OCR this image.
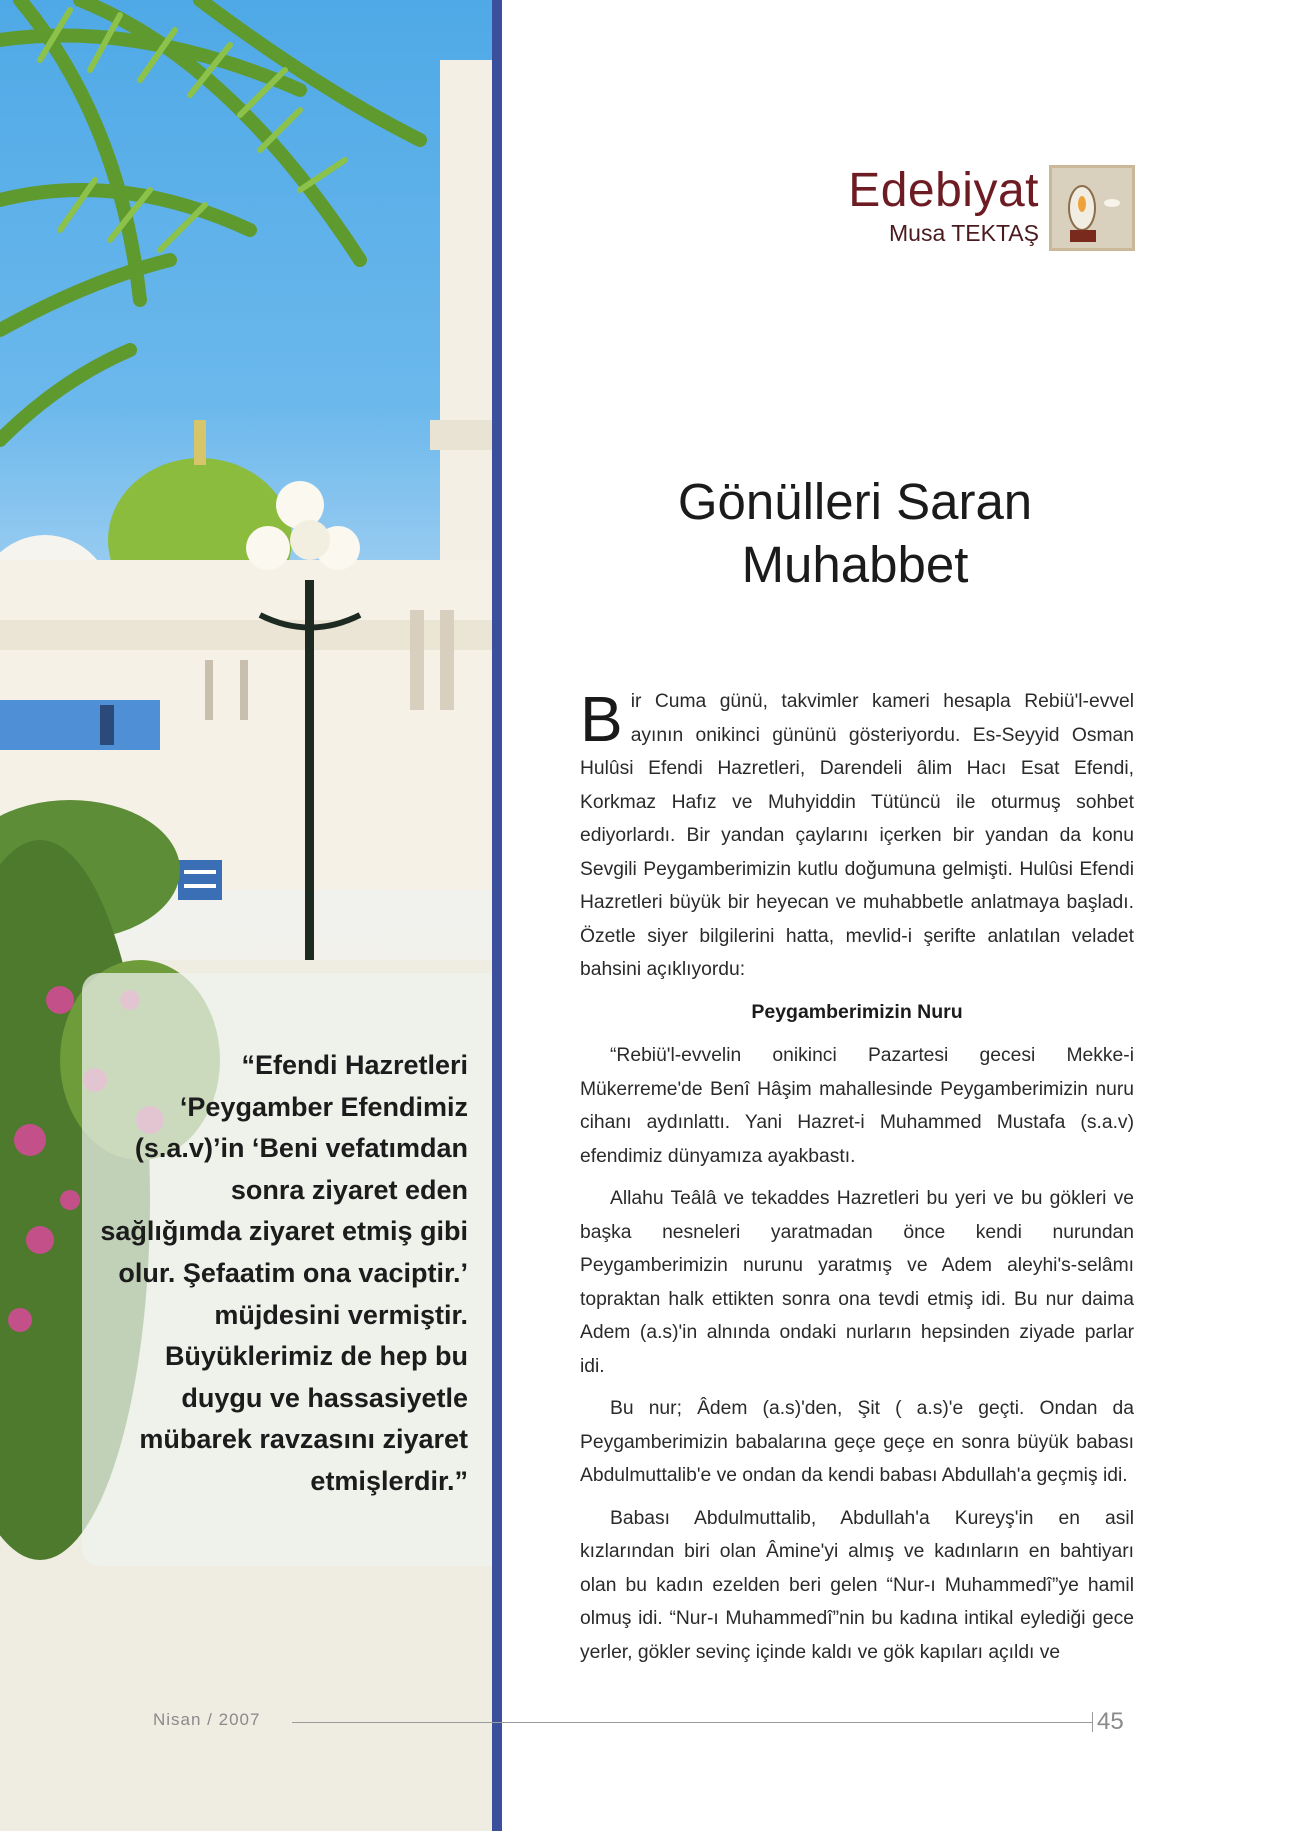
“Efendi Hazretleri
‘Peygamber Efendimiz
(s.a.v)’in ‘Beni vefatımdan
sonra ziyaret eden
sağlığımda ziyaret etmiş gibi
olur. Şefaatim ona vaciptir.’
müjdesini vermiştir.
Büyüklerimiz de hep bu
duygu ve hassasiyetle
mübarek ravzasını ziyaret
etmişlerdir.”
Edebiyat
Musa TEKTAŞ
Gönülleri Saran
Muhabbet

Bir Cuma günü, takvimler kameri hesapla Rebiü'l-evvel ayının onikinci gününü gösteriyordu. Es-Seyyid Osman Hulûsi Efendi Hazretleri, Darendeli âlim Hacı Esat Efendi, Korkmaz Hafız ve Muhyiddin Tütüncü ile oturmuş sohbet ediyorlardı. Bir yandan çaylarını içerken bir yandan da konu Sevgili Peygamberimizin kutlu doğumuna gelmişti. Hulûsi Efendi Hazretleri büyük bir heyecan ve muhabbetle anlatmaya başladı. Özetle siyer bilgilerini hatta, mevlid-i şerifte anlatılan veladet bahsini açıklıyordu:

Peygamberimizin Nuru

“Rebiü'l-evvelin onikinci Pazartesi gecesi Mekke-i Mükerreme'de Benî Hâşim mahallesinde Peygamberimizin nuru cihanı aydınlattı. Yani Hazret-i Muhammed Mustafa (s.a.v) efendimiz dünyamıza ayakbastı.

Allahu Teâlâ ve tekaddes Hazretleri bu yeri ve bu gökleri ve başka nesneleri yaratmadan önce kendi nurundan Peygamberimizin nurunu yaratmış ve Adem aleyhi's-selâmı topraktan halk ettikten sonra ona tevdi etmiş idi. Bu nur daima Adem (a.s)'in alnında ondaki nurların hepsinden ziyade parlar idi.

Bu nur; Âdem (a.s)'den, Şit ( a.s)'e geçti. Ondan da Peygamberimizin babalarına geçe geçe en sonra büyük babası Abdulmuttalib'e ve ondan da kendi babası Abdullah'a geçmiş idi.

Babası Abdulmuttalib, Abdullah'a Kureyş'in en asil kızlarından biri olan Âmine'yi almış ve kadınların en bahtiyarı olan bu kadın ezelden beri gelen “Nur-ı Muhammedî”ye hamil olmuş idi. “Nur-ı Muhammedî”nin bu kadına intikal eylediği gece yerler, gökler sevinç içinde kaldı ve gök kapıları açıldı ve

Nisan / 2007	45
